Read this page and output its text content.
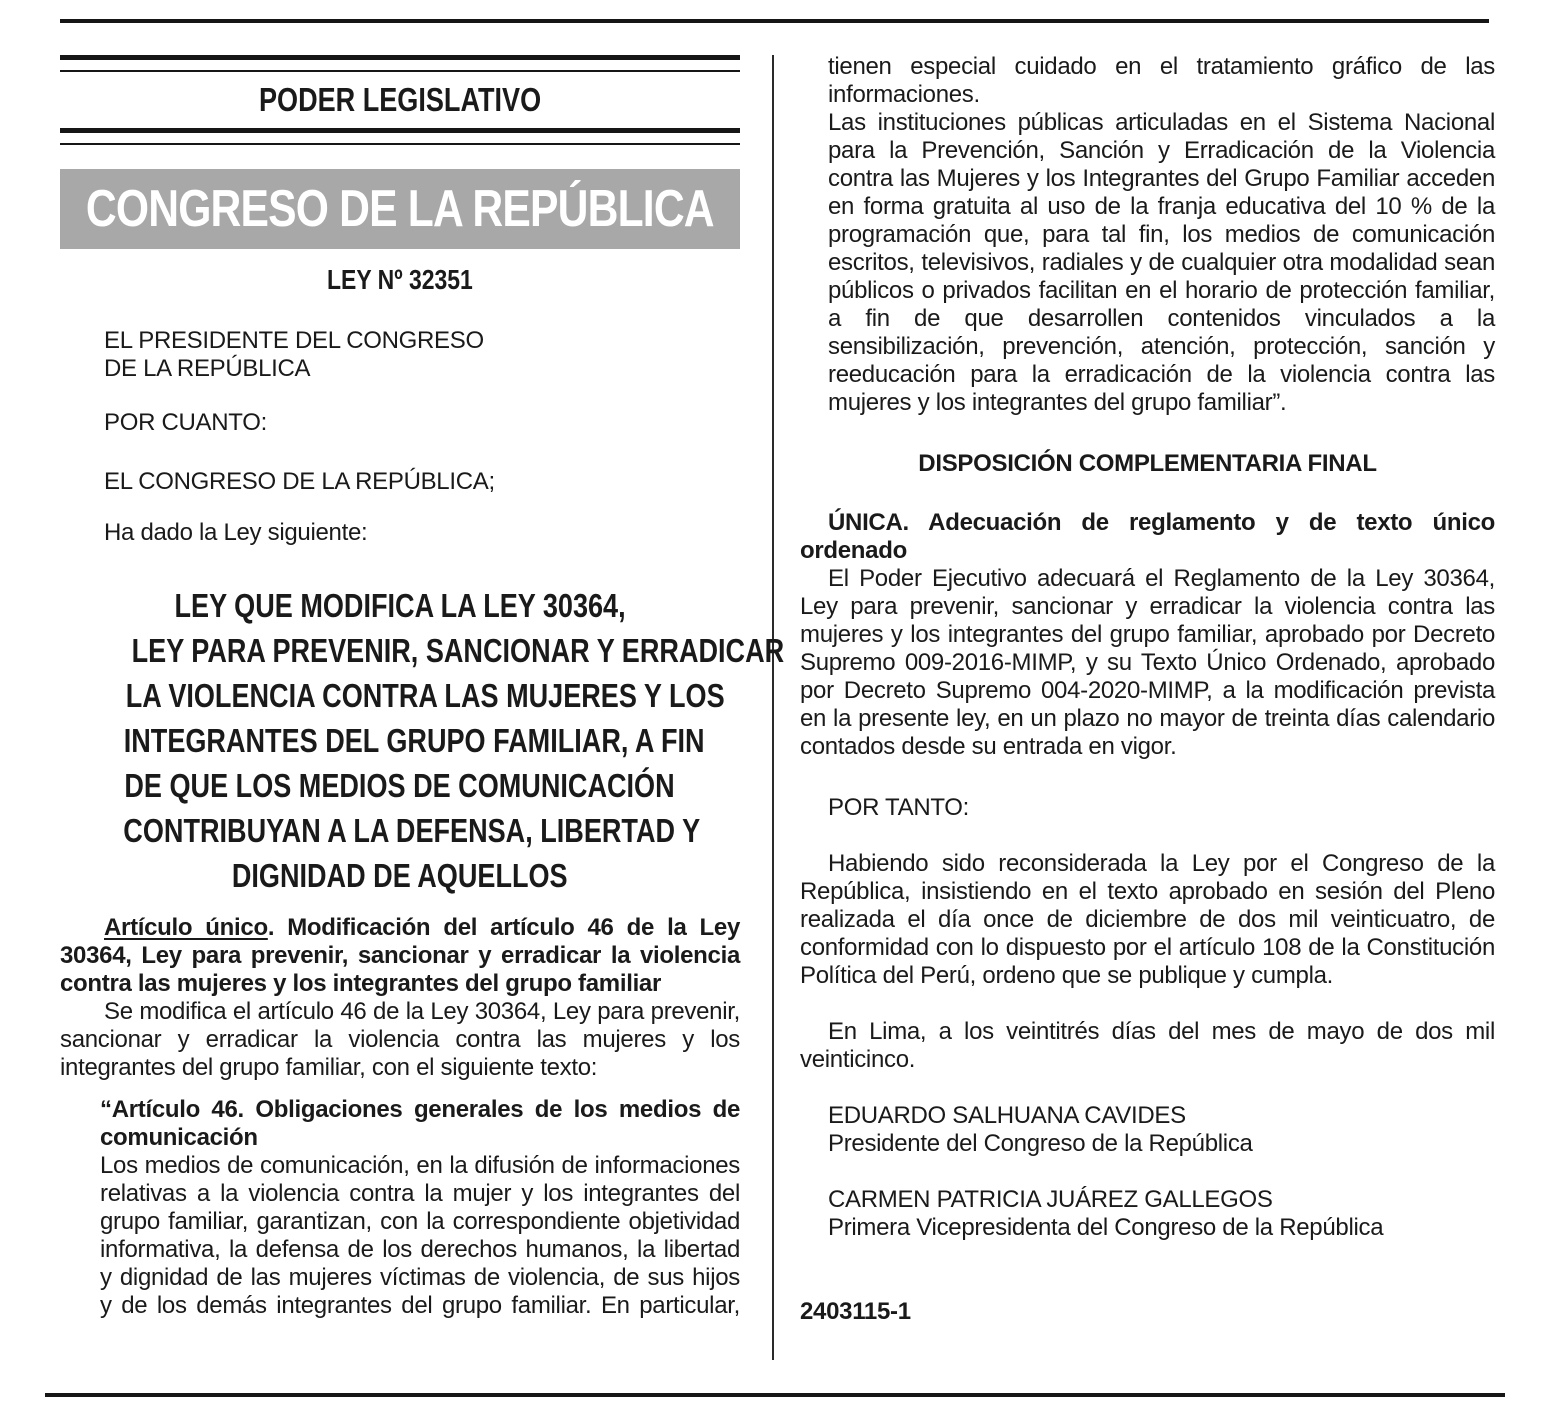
PODER LEGISLATIVO
CONGRESO DE LA REPÚBLICA
LEY Nº 32351
EL PRESIDENTE DEL CONGRESO
DE LA REPÚBLICA
POR CUANTO:
EL CONGRESO DE LA REPÚBLICA;
Ha dado la Ley siguiente:
LEY QUE MODIFICA LA LEY 30364,
LEY PARA PREVENIR, SANCIONAR Y ERRADICAR
LA VIOLENCIA CONTRA LAS MUJERES Y LOS
INTEGRANTES DEL GRUPO FAMILIAR, A FIN
DE QUE LOS MEDIOS DE COMUNICACIÓN
CONTRIBUYAN A LA DEFENSA, LIBERTAD Y
DIGNIDAD DE AQUELLOS
Artículo único. Modificación del artículo 46 de la Ley 30364, Ley para prevenir, sancionar y erradicar la violencia contra las mujeres y los integrantes del grupo familiar
Se modifica el artículo 46 de la Ley 30364, Ley para prevenir, sancionar y erradicar la violencia contra las mujeres y los integrantes del grupo familiar, con el siguiente texto:
“Artículo 46. Obligaciones generales de los medios de comunicación
Los medios de comunicación, en la difusión de informaciones relativas a la violencia contra la mujer y los integrantes del grupo familiar, garantizan, con la correspondiente objetividad informativa, la defensa de los derechos humanos, la libertad y dignidad de las mujeres víctimas de violencia, de sus hijos y de los demás integrantes del grupo familiar. En particular,
tienen especial cuidado en el tratamiento gráfico de las informaciones.
Las instituciones públicas articuladas en el Sistema Nacional para la Prevención, Sanción y Erradicación de la Violencia contra las Mujeres y los Integrantes del Grupo Familiar acceden en forma gratuita al uso de la franja educativa del 10 % de la programación que, para tal fin, los medios de comunicación escritos, televisivos, radiales y de cualquier otra modalidad sean públicos o privados facilitan en el horario de protección familiar, a fin de que desarrollen contenidos vinculados a la sensibilización, prevención, atención, protección, sanción y reeducación para la erradicación de la violencia contra las mujeres y los integrantes del grupo familiar”.
DISPOSICIÓN COMPLEMENTARIA FINAL
ÚNICA. Adecuación de reglamento y de texto único ordenado
El Poder Ejecutivo adecuará el Reglamento de la Ley 30364, Ley para prevenir, sancionar y erradicar la violencia contra las mujeres y los integrantes del grupo familiar, aprobado por Decreto Supremo 009-2016-MIMP, y su Texto Único Ordenado, aprobado por Decreto Supremo 004-2020-MIMP, a la modificación prevista en la presente ley, en un plazo no mayor de treinta días calendario contados desde su entrada en vigor.
POR TANTO:
Habiendo sido reconsiderada la Ley por el Congreso de la República, insistiendo en el texto aprobado en sesión del Pleno realizada el día once de diciembre de dos mil veinticuatro, de conformidad con lo dispuesto por el artículo 108 de la Constitución Política del Perú, ordeno que se publique y cumpla.
En Lima, a los veintitrés días del mes de mayo de dos mil veinticinco.
EDUARDO SALHUANA CAVIDES
Presidente del Congreso de la República
CARMEN PATRICIA JUÁREZ GALLEGOS
Primera Vicepresidenta del Congreso de la República
2403115-1
